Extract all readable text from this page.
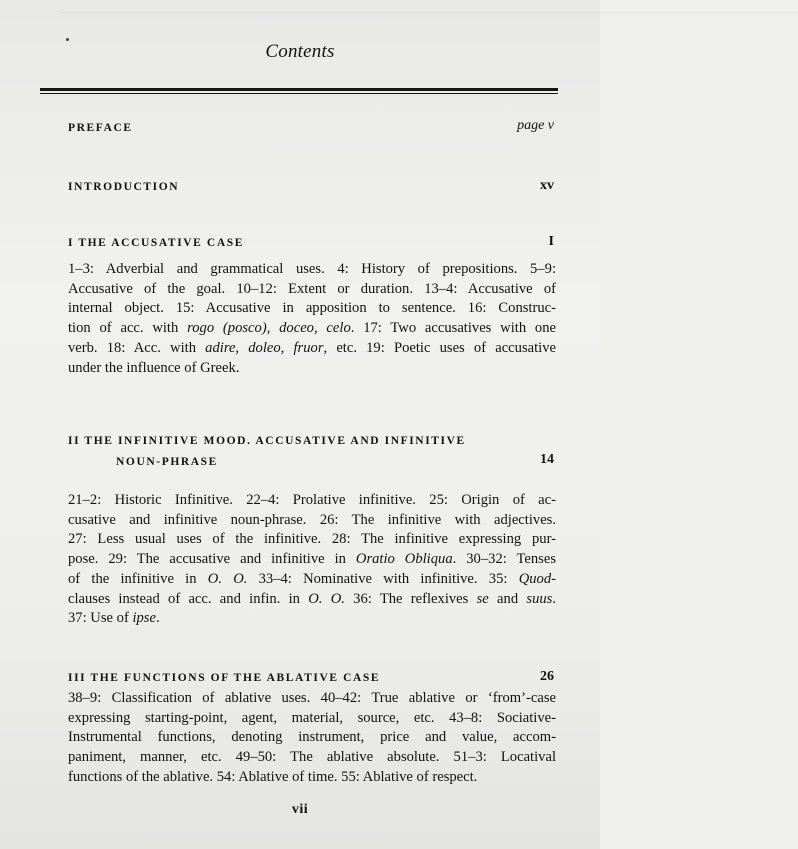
————————————————————————————————————————————————————————————
Contents
PREFACE	page v
INTRODUCTION	xv
I THE ACCUSATIVE CASE	I
1–3: Adverbial and grammatical uses. 4: History of prepositions. 5–9:
Accusative of the goal. 10–12: Extent or duration. 13–4: Accusative of
internal object. 15: Accusative in apposition to sentence. 16: Construc-
tion of acc. with rogo (posco), doceo, celo. 17: Two accusatives with one
verb. 18: Acc. with adire, doleo, fruor, etc. 19: Poetic uses of accusative
under the influence of Greek.
II THE INFINITIVE MOOD. ACCUSATIVE AND INFINITIVE
NOUN-PHRASE	14
21–2: Historic Infinitive. 22–4: Prolative infinitive. 25: Origin of ac-
cusative and infinitive noun-phrase. 26: The infinitive with adjectives.
27: Less usual uses of the infinitive. 28: The infinitive expressing pur-
pose. 29: The accusative and infinitive in Oratio Obliqua. 30–32: Tenses
of the infinitive in O. O. 33–4: Nominative with infinitive. 35: Quod-
clauses instead of acc. and infin. in O. O. 36: The reflexives se and suus.
37: Use of ipse.
III THE FUNCTIONS OF THE ABLATIVE CASE	26
38–9: Classification of ablative uses. 40–42: True ablative or ‘from’-case
expressing starting-point, agent, material, source, etc. 43–8: Sociative-
Instrumental functions, denoting instrument, price and value, accom-
paniment, manner, etc. 49–50: The ablative absolute. 51–3: Locatival
functions of the ablative. 54: Ablative of time. 55: Ablative of respect.
vii
